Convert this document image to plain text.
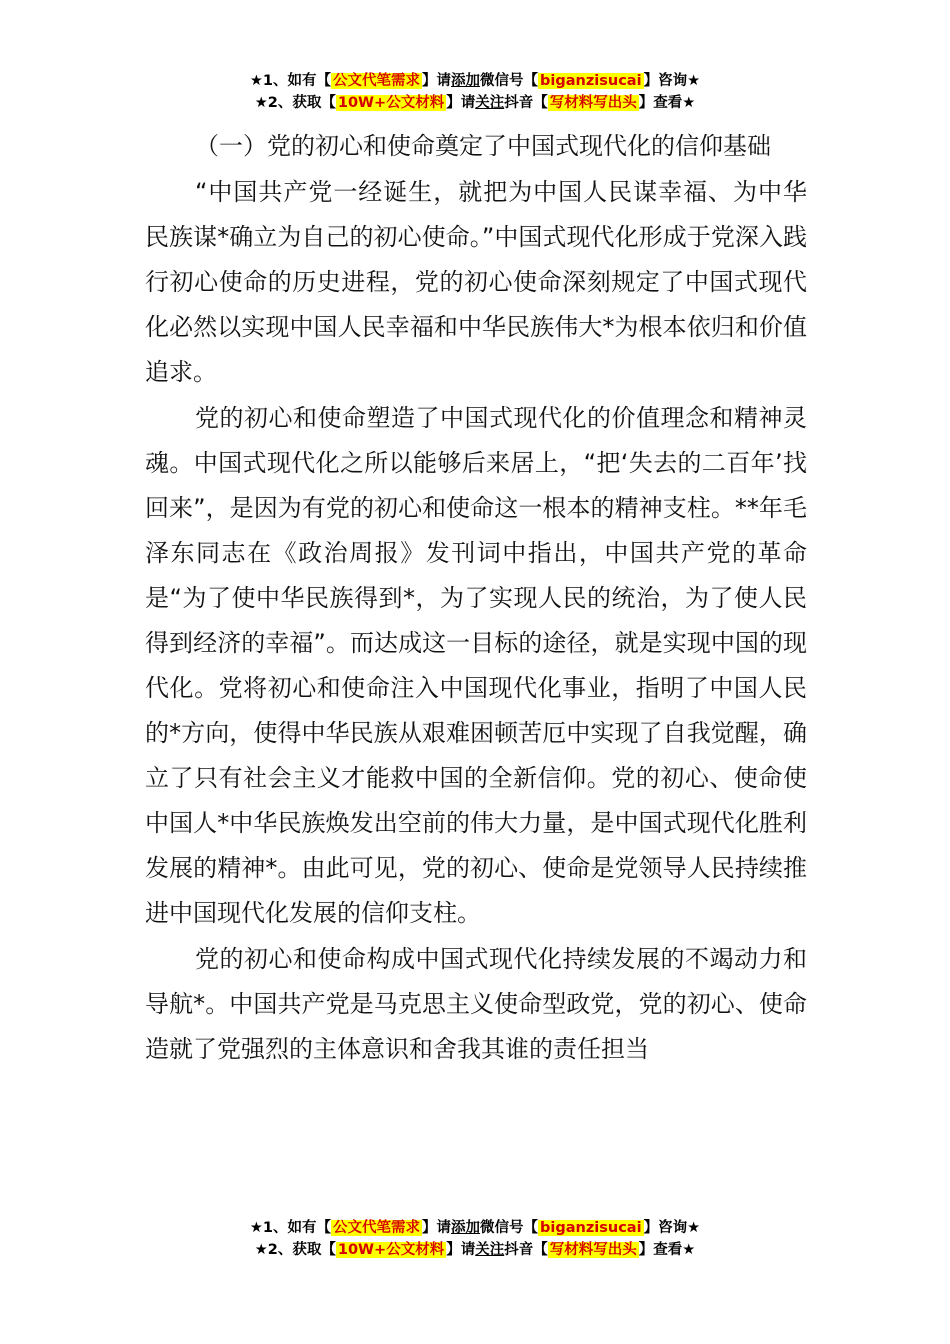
★1、如有【 公文代笔需求 】请添加微信号【 biganzisucai 】咨询★
★2、获取【 10W+公文材料 】请关注抖音【 写材料写出头 】查看★

（一）党的初心和使命奠定了中国式现代化的信仰基础

“中国共产党一经诞生，就把为中国人民谋幸福、为中华民族谋*确立为自己的初心使命。”中国式现代化形成于党深入践行初心使命的历史进程，党的初心使命深刻规定了中国式现代化必然以实现中国人民幸福和中华民族伟大*为根本依归和价值追求。

党的初心和使命塑造了中国式现代化的价值理念和精神灵魂。中国式现代化之所以能够后来居上，“把‘失去的二百年’找回来”，是因为有党的初心和使命这一根本的精神支柱。**年毛泽东同志在《政治周报》发刊词中指出，中国共产党的革命是“为了使中华民族得到*，为了实现人民的统治，为了使人民得到经济的幸福”。而达成这一目标的途径，就是实现中国的现代化。党将初心和使命注入中国现代化事业，指明了中国人民的*方向，使得中华民族从艰难困顿苦厄中实现了自我觉醒，确立了只有社会主义才能救中国的全新信仰。党的初心、使命使中国人*中华民族焕发出空前的伟大力量，是中国式现代化胜利发展的精神*。由此可见，党的初心、使命是党领导人民持续推进中国现代化发展的信仰支柱。

党的初心和使命构成中国式现代化持续发展的不竭动力和导航*。中国共产党是马克思主义使命型政党，党的初心、使命造就了党强烈的主体意识和舍我其谁的责任担当

★1、如有【 公文代笔需求 】请添加微信号【 biganzisucai 】咨询★
★2、获取【 10W+公文材料 】请关注抖音【 写材料写出头 】查看★
